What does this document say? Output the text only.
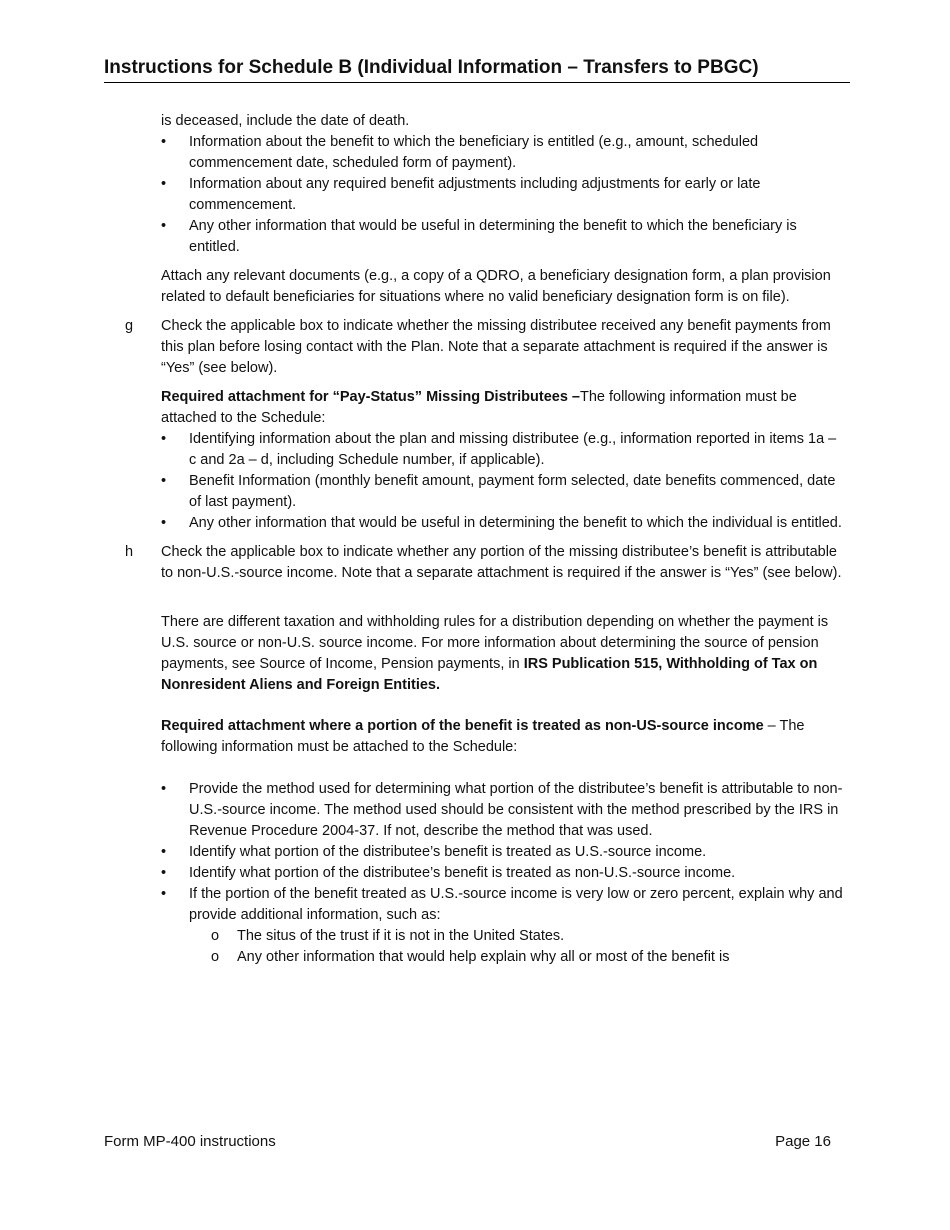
Instructions for Schedule B (Individual Information – Transfers to PBGC)

is deceased, include the date of death.

• Information about the benefit to which the beneficiary is entitled (e.g., amount, scheduled commencement date, scheduled form of payment).
• Information about any required benefit adjustments including adjustments for early or late commencement.
• Any other information that would be useful in determining the benefit to which the beneficiary is entitled.

Attach any relevant documents (e.g., a copy of a QDRO, a beneficiary designation form, a plan provision related to default beneficiaries for situations where no valid beneficiary designation form is on file).

g Check the applicable box to indicate whether the missing distributee received any benefit payments from this plan before losing contact with the Plan. Note that a separate attachment is required if the answer is “Yes” (see below).

Required attachment for “Pay-Status” Missing Distributees –The following information must be attached to the Schedule:

• Identifying information about the plan and missing distributee (e.g., information reported in items 1a – c and 2a – d, including Schedule number, if applicable).
• Benefit Information (monthly benefit amount, payment form selected, date benefits commenced, date of last payment).
• Any other information that would be useful in determining the benefit to which the individual is entitled.
h Check the applicable box to indicate whether any portion of the missing distributee’s benefit is attributable to non-U.S.-source income. Note that a separate attachment is required if the answer is “Yes” (see below).

There are different taxation and withholding rules for a distribution depending on whether the payment is U.S. source or non-U.S. source income. For more information about determining the source of pension payments, see Source of Income, Pension payments, in IRS Publication 515, Withholding of Tax on Nonresident Aliens and Foreign Entities.

Required attachment where a portion of the benefit is treated as non-US-source income – The following information must be attached to the Schedule:

• Provide the method used for determining what portion of the distributee’s benefit is attributable to non-U.S.-source income. The method used should be consistent with the method prescribed by the IRS in Revenue Procedure 2004-37. If not, describe the method that was used.
• Identify what portion of the distributee’s benefit is treated as U.S.-source income.
• Identify what portion of the distributee’s benefit is treated as non-U.S.-source income.
• If the portion of the benefit treated as U.S.-source income is very low or zero percent, explain why and provide additional information, such as:
o The situs of the trust if it is not in the United States.
o Any other information that would help explain why all or most of the benefit is
Form MP-400 instructions	Page 16
